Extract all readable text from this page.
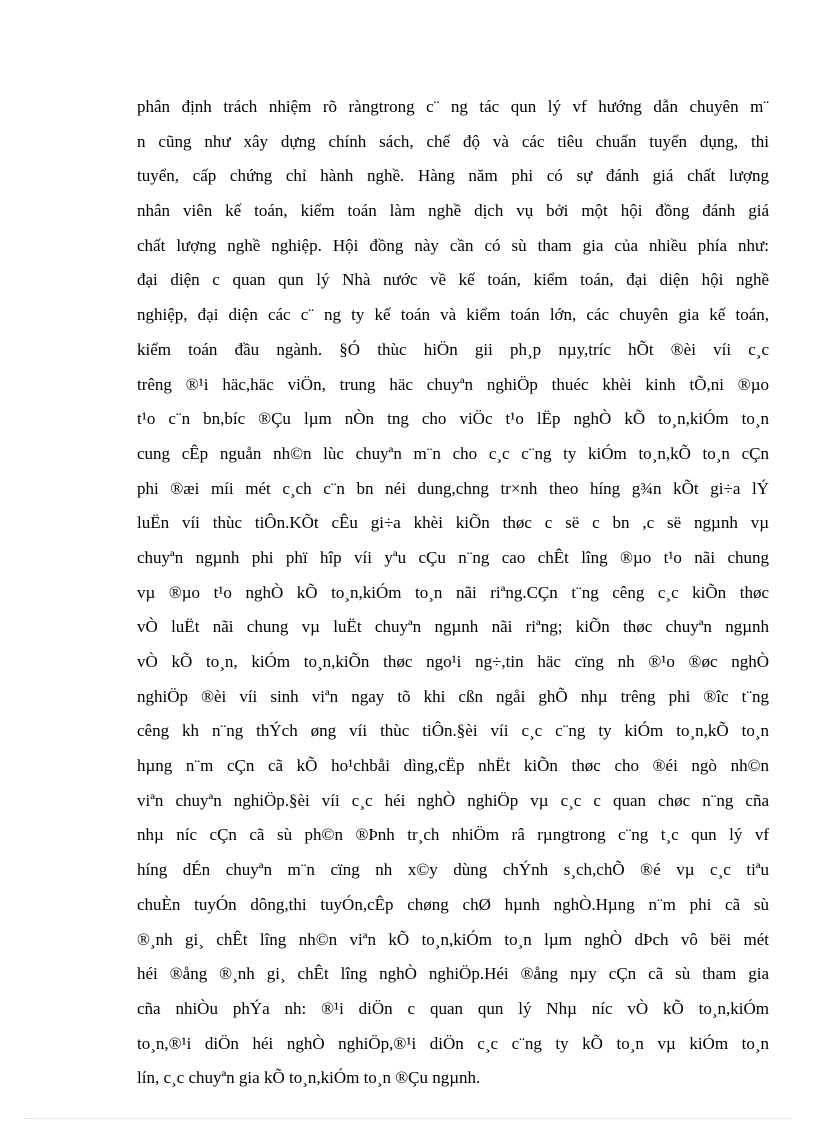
phân định trách nhiệm rõ ràngtrong c¨ ng tác qun lý vf hướng dẫn chuyên m¨
n cũng như xây dựng chính sách, chế độ và các tiêu chuẩn tuyển dụng, thi
tuyển, cấp chứng chỉ hành nghề. Hàng năm phi có sự đánh giá chất lượng
nhân viên kế toán, kiểm toán làm nghề dịch vụ bởi một hội đồng đánh giá
chất lượng nghề nghiệp. Hội đồng này cần có sù tham gia của nhiều phía như:
đại diện c quan qun lý Nhà nước về kế toán, kiểm toán, đại diện hội nghề
nghiệp, đại diện các c¨ ng ty kế toán và kiểm toán lớn, các chuyên gia kế toán,
kiểm toán đầu ngành. §Ó thùc hiÖn gii ph¸p nµy,tríc hÕt ®èi víi c¸c
trêng ®¹i häc,häc viÖn, trung häc chuyªn nghiÖp thuéc khèi kinh tÕ,ni ®µo
t¹o c¨n bn,bíc ®Çu lµm nÒn tng cho viÖc t¹o lËp nghÒ kÕ to¸n,kiÓm to¸n
cung cÊp nguån nh©n lùc chuyªn m¨n cho c¸c c¨ng ty kiÓm to¸n,kÕ to¸n cÇn
phi ®æi míi mét c¸ch c¨n bn néi dung,chng tr×nh theo híng g¾n kÕt gi÷a lÝ
luËn víi thùc tiÔn.KÕt cÊu gi÷a khèi kiÕn thøc c së c bn ,c së ngµnh vµ
chuyªn ngµnh phi phï hîp víi yªu cÇu n¨ng cao chÊt lîng ®µo t¹o nãi chung
vµ ®µo t¹o nghÒ kÕ to¸n,kiÓm to¸n nãi riªng.CÇn t¨ng cêng c¸c kiÕn thøc
vÒ luËt nãi chung vµ luËt chuyªn ngµnh nãi riªng; kiÕn thøc chuyªn ngµnh
vÒ kÕ to¸n, kiÓm to¸n,kiÕn thøc ngo¹i ng÷,tin häc cïng nh ®¹o ®øc nghÒ
nghiÖp ®èi víi sinh viªn ngay tõ khi cßn ngåi ghÕ nhµ trêng phi ®îc t¨ng
cêng kh n¨ng thÝch øng víi thùc tiÔn.§èi víi c¸c c¨ng ty kiÓm to¸n,kÕ to¸n
hµng n¨m cÇn cã kÕ ho¹chbåi dìng,cËp nhËt kiÕn thøc cho ®éi ngò nh©n
viªn chuyªn nghiÖp.§èi víi c¸c héi nghÒ nghiÖp vµ c¸c c quan chøc n¨ng cña
nhµ níc cÇn cã sù ph©n ®Þnh tr¸ch nhiÖm râ rµngtrong c¨ng t¸c qun lý vf
híng dÉn chuyªn m¨n cïng nh x©y dùng chÝnh s¸ch,chÕ ®é vµ c¸c tiªu
chuÈn tuyÓn dông,thi tuyÓn,cÊp chøng chØ hµnh nghÒ.Hµng n¨m phi cã sù
®¸nh gi¸ chÊt lîng nh©n viªn kÕ to¸n,kiÓm to¸n lµm nghÒ dÞch vô bëi mét
héi ®ång ®¸nh gi¸ chÊt lîng nghÒ nghiÖp.Héi ®ång nµy cÇn cã sù tham gia
cña nhiÒu phÝa nh: ®¹i diÖn c quan qun lý Nhµ níc vÒ kÕ to¸n,kiÓm
to¸n,®¹i diÖn héi nghÒ nghiÖp,®¹i diÖn c¸c c¨ng ty kÕ to¸n vµ kiÓm to¸n
lín, c¸c chuyªn gia kÕ to¸n,kiÓm to¸n ®Çu ngµnh.
